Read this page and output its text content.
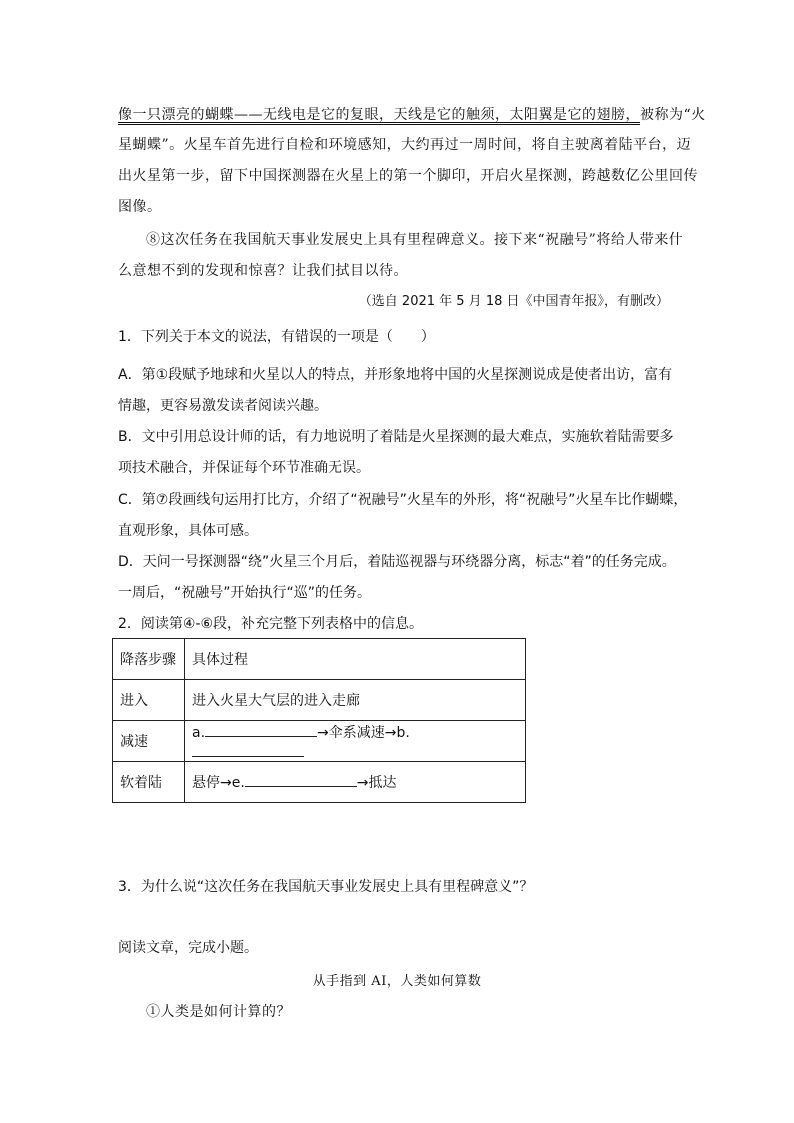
像一只漂亮的蝴蝶——无线电是它的复眼，天线是它的触须，太阳翼是它的翅膀，被称为“火
星蝴蝶”。火星车首先进行自检和环境感知，大约再过一周时间，将自主驶离着陆平台，迈
出火星第一步，留下中国探测器在火星上的第一个脚印，开启火星探测，跨越数亿公里回传
图像。
⑧这次任务在我国航天事业发展史上具有里程碑意义。接下来“祝融号”将给人带来什
么意想不到的发现和惊喜？让我们拭目以待。
（选自 2021 年 5 月 18 日《中国青年报》，有删改）
1．下列关于本文的说法，有错误的一项是（　　）
A．第①段赋予地球和火星以人的特点，并形象地将中国的火星探测说成是使者出访，富有
情趣，更容易激发读者阅读兴趣。
B．文中引用总设计师的话，有力地说明了着陆是火星探测的最大难点，实施软着陆需要多
项技术融合，并保证每个环节准确无误。
C．第⑦段画线句运用打比方，介绍了“祝融号”火星车的外形，将“祝融号”火星车比作蝴蝶，
直观形象，具体可感。
D．天问一号探测器“绕”火星三个月后，着陆巡视器与环绕器分离，标志“着”的任务完成。
一周后，“祝融号”开始执行“巡”的任务。
2．阅读第④-⑥段，补充完整下列表格中的信息。
降落步骤	具体过程
进入	进入火星大气层的进入走廊
减速	a. →伞系减速→b.
软着陆	悬停→e. →抵达
3．为什么说“这次任务在我国航天事业发展史上具有里程碑意义”？
阅读文章，完成小题。
从手指到 AI，人类如何算数
①人类是如何计算的？
